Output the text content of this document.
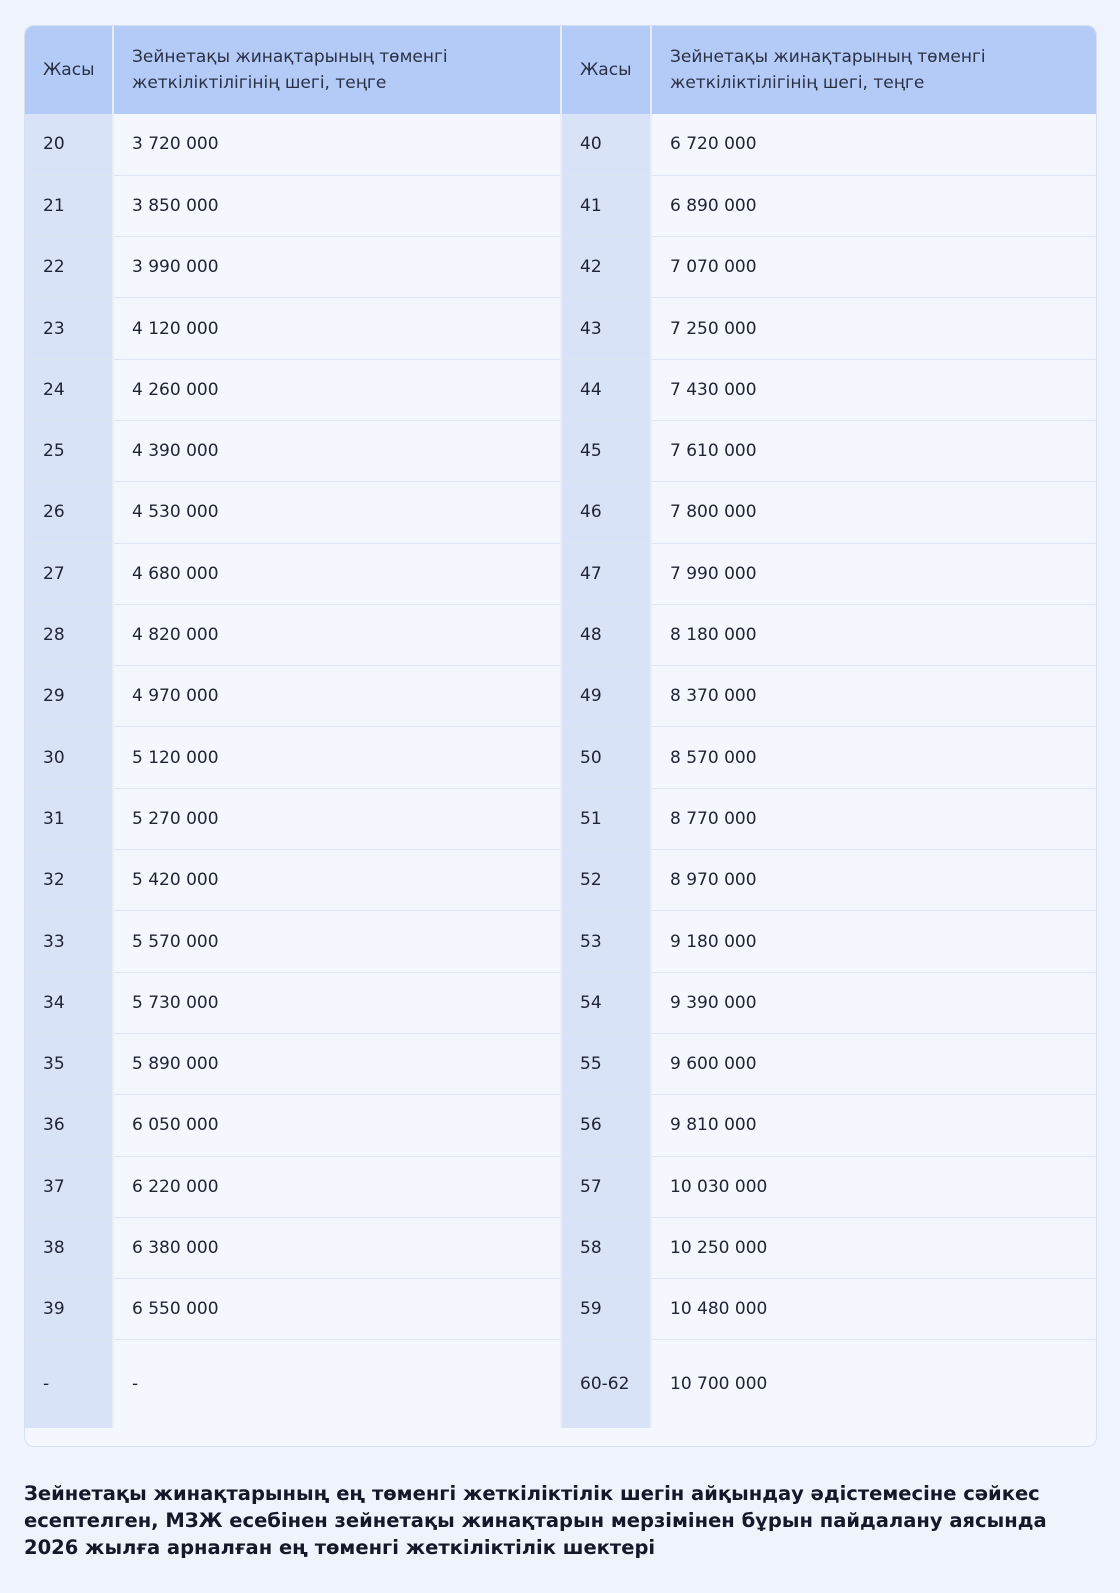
Жасы	Зейнетақы жинақтарының төменгі жеткіліктілігінің шегі, теңге	Жасы	Зейнетақы жинақтарының төменгі жеткіліктілігінің шегі, теңге
20	3 720 000	40	6 720 000
21	3 850 000	41	6 890 000
22	3 990 000	42	7 070 000
23	4 120 000	43	7 250 000
24	4 260 000	44	7 430 000
25	4 390 000	45	7 610 000
26	4 530 000	46	7 800 000
27	4 680 000	47	7 990 000
28	4 820 000	48	8 180 000
29	4 970 000	49	8 370 000
30	5 120 000	50	8 570 000
31	5 270 000	51	8 770 000
32	5 420 000	52	8 970 000
33	5 570 000	53	9 180 000
34	5 730 000	54	9 390 000
35	5 890 000	55	9 600 000
36	6 050 000	56	9 810 000
37	6 220 000	57	10 030 000
38	6 380 000	58	10 250 000
39	6 550 000	59	10 480 000
-	-	60-62	10 700 000

Зейнетақы жинақтарының ең төменгі жеткіліктілік шегін айқындау әдістемесіне сәйкес есептелген, МЗЖ есебінен зейнетақы жинақтарын мерзімінен бұрын пайдалану аясында 2026 жылға арналған ең төменгі жеткіліктілік шектері
